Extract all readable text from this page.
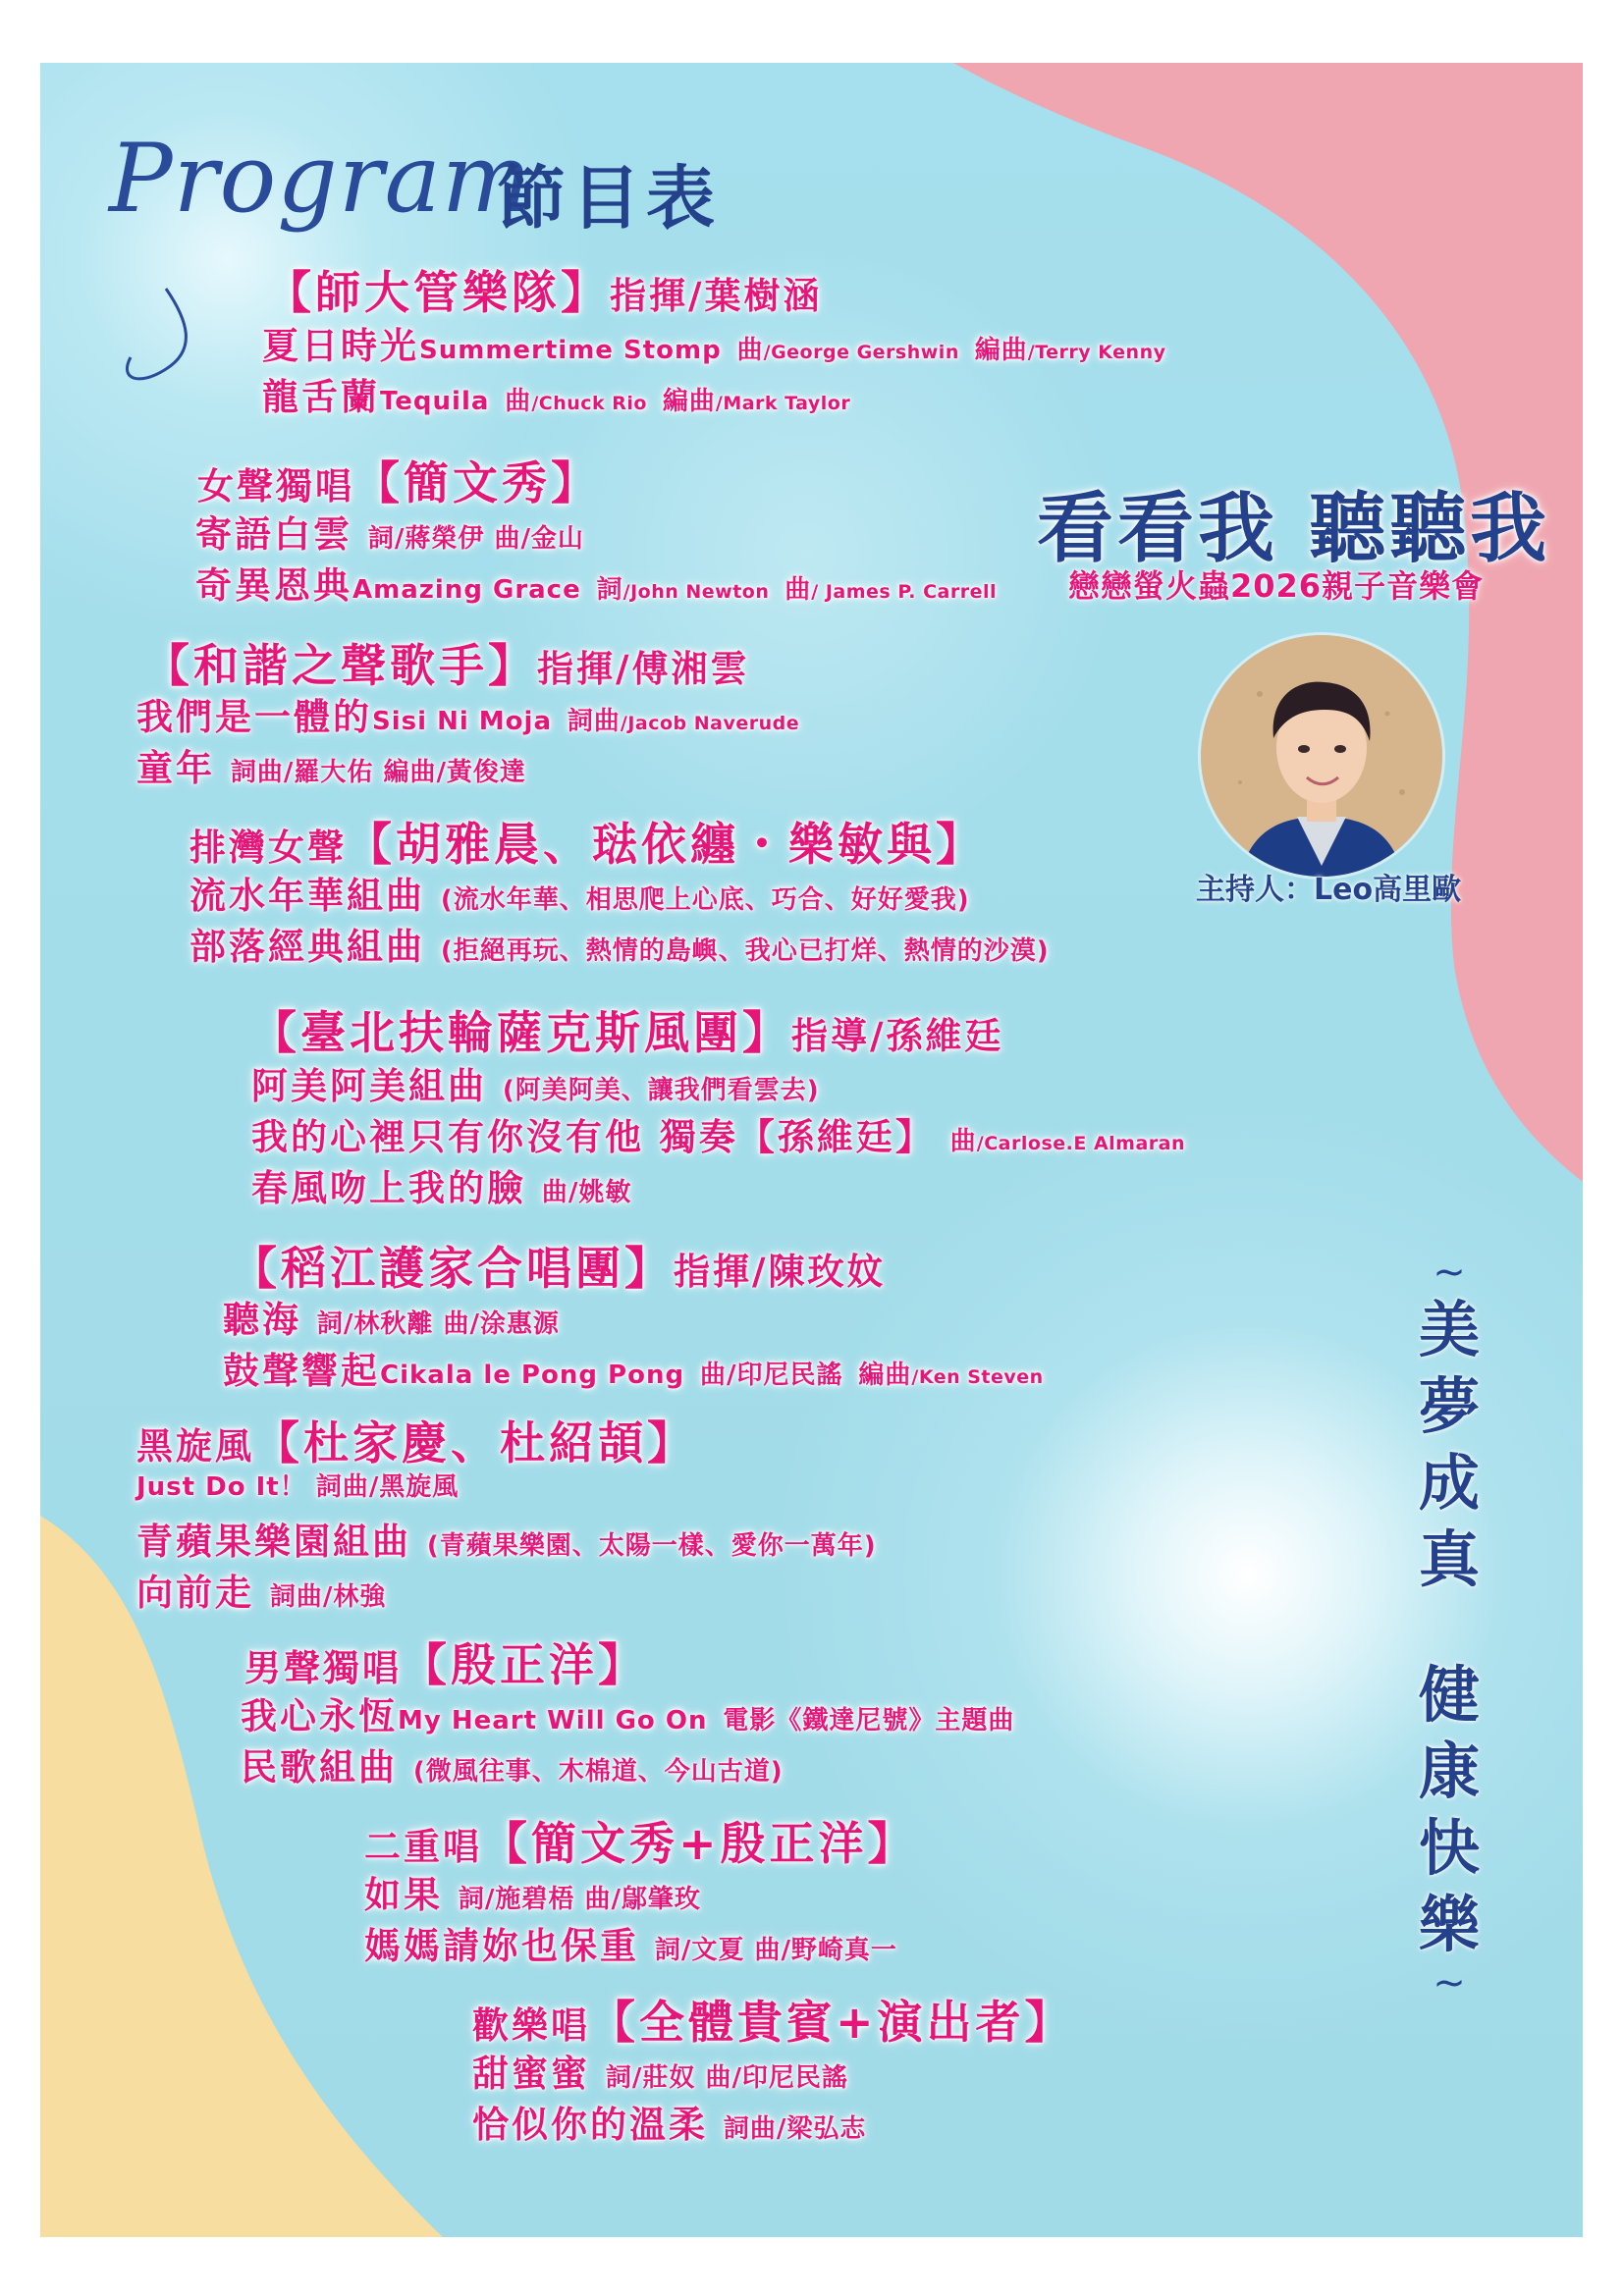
Program
節目表
【師大管樂隊】指揮/葉樹涵
夏日時光Summertime Stomp 曲/George Gershwin 編曲/Terry Kenny
龍舌蘭Tequila 曲/Chuck Rio 編曲/Mark Taylor
女聲獨唱【簡文秀】
寄語白雲 詞/蔣榮伊 曲/金山
奇異恩典Amazing Grace 詞/John Newton 曲/ James P. Carrell
看看我 聽聽我
戀戀螢火蟲2026親子音樂會
主持人：Leo高里歐
【和諧之聲歌手】指揮/傅湘雲
我們是一體的Sisi Ni Moja 詞曲/Jacob Naverude
童年 詞曲/羅大佑 編曲/黃俊達
排灣女聲【胡雅晨、琺依纏・樂敏與】
流水年華組曲 (流水年華、相思爬上心底、巧合、好好愛我)
部落經典組曲 (拒絕再玩、熱情的島嶼、我心已打烊、熱情的沙漠)
【臺北扶輪薩克斯風團】指導/孫維廷
阿美阿美組曲 (阿美阿美、讓我們看雲去)
我的心裡只有你沒有他 獨奏【孫維廷】 曲/Carlose.E Almaran
春風吻上我的臉 曲/姚敏
【稻江護家合唱團】指揮/陳玫妏
聽海 詞/林秋離 曲/涂惠源
鼓聲響起Cikala le Pong Pong 曲/印尼民謠 編曲/Ken Steven
黑旋風【杜家慶、杜紹頡】
Just Do It！ 詞曲/黑旋風
青蘋果樂園組曲 (青蘋果樂園、太陽一樣、愛你一萬年)
向前走 詞曲/林強
男聲獨唱【殷正洋】
我心永恆My Heart Will Go On 電影《鐵達尼號》主題曲
民歌組曲 (微風往事、木棉道、今山古道)
二重唱【簡文秀+殷正洋】
如果 詞/施碧梧 曲/鄔肇玫
媽媽請妳也保重 詞/文夏 曲/野崎真一
歡樂唱【全體貴賓+演出者】
甜蜜蜜 詞/莊奴 曲/印尼民謠
恰似你的溫柔 詞曲/梁弘志
~
美
夢
成
真
健
康
快
樂
~
